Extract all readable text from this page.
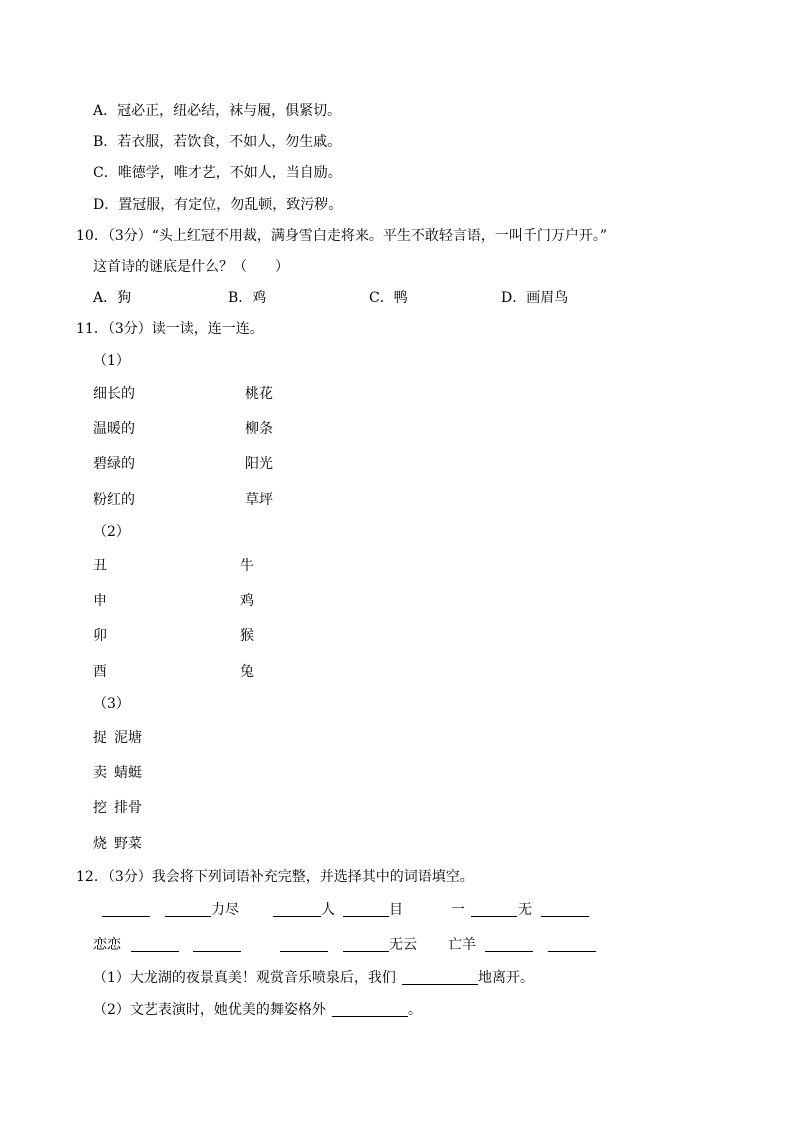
A．冠必正，纽必结，袜与履，俱紧切。
B．若衣服，若饮食，不如人，勿生戚。
C．唯德学，唯才艺，不如人，当自励。
D．置冠服，有定位，勿乱顿，致污秽。
10．（3分）“头上红冠不用裁，满身雪白走将来。平生不敢轻言语，一叫千门万户开。”
这首诗的谜底是什么？（　　）
A．狗	B．鸡	C．鸭	D．画眉鸟
11．（3分）读一读，连一连。
（1）
细长的	桃花
温暖的	柳条
碧绿的	阳光
粉红的	草坪
（2）
丑	牛
申	鸡
卯	猴
酉	兔
（3）
捉 泥塘
卖 蜻蜓
挖 排骨
烧 野菜
12．（3分）我会将下列词语补充完整，并选择其中的词语填空。
力尽	人	目	一	无
恋恋	无云 亡羊
（1）大龙湖的夜景真美！观赏音乐喷泉后，我们	地离开。
（2）文艺表演时，她优美的舞姿格外	。
